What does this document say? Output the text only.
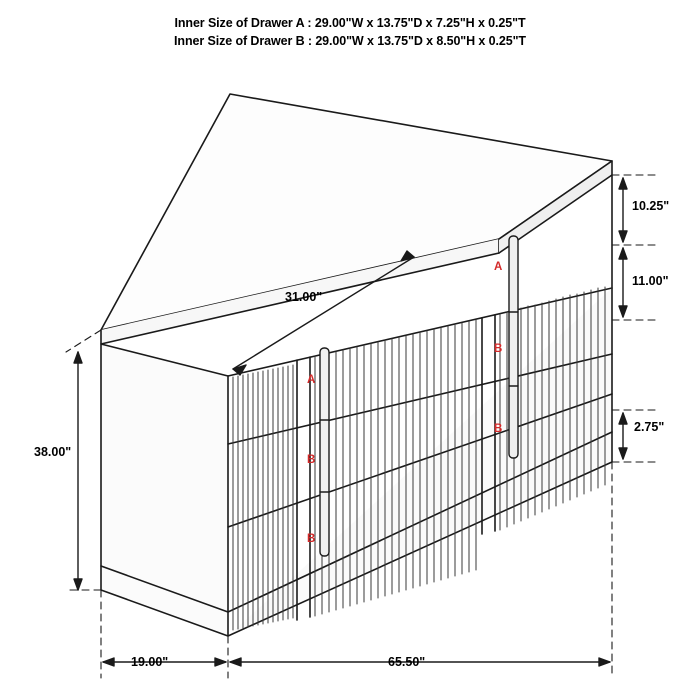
Inner Size of Drawer A : 29.00"W x 13.75"D x 7.25"H x 0.25"T
Inner Size of Drawer B : 29.00"W x 13.75"D x 8.50"H x 0.25"T
38.00"
19.00"	65.50"
31.00"
10.25"
11.00"
2.75"
A
B
B
A
B
B
